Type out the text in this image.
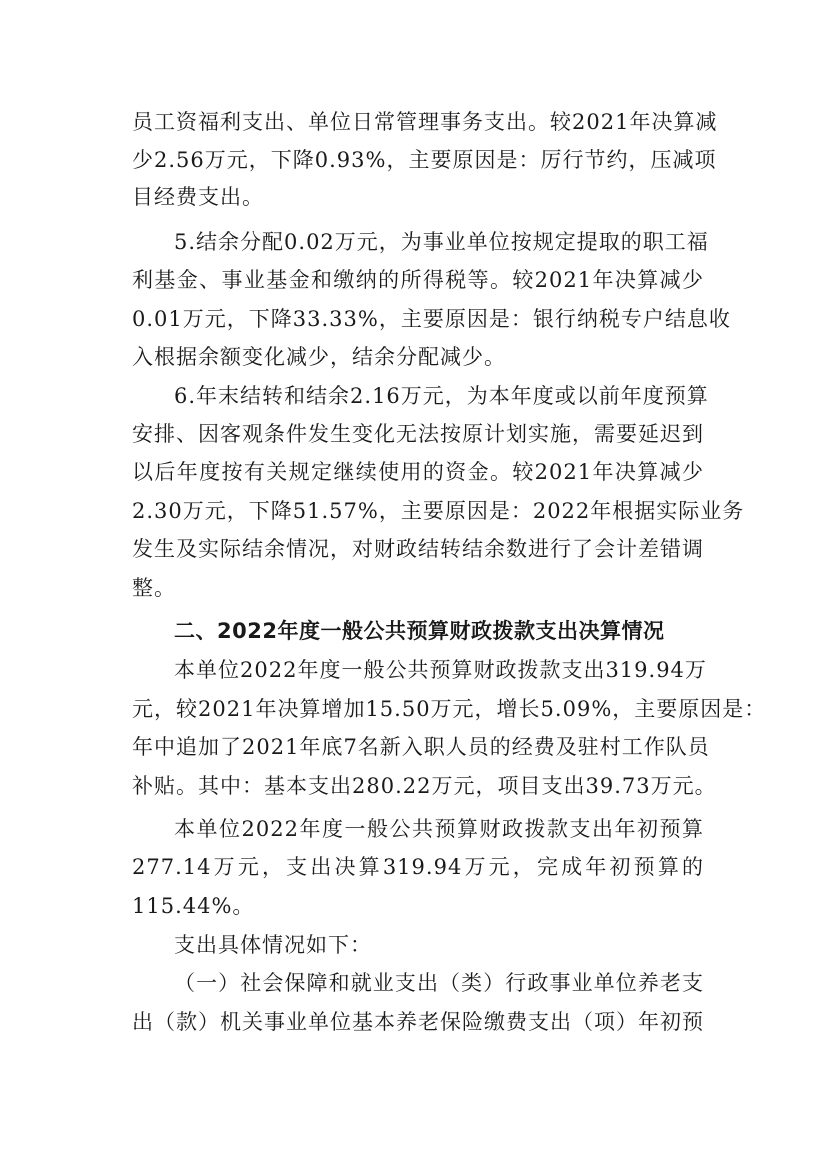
员工资福利支出、单位日常管理事务支出。较2021年决算减
少2.56万元，下降0.93%，主要原因是：厉行节约，压减项
目经费支出。
5.结余分配0.02万元，为事业单位按规定提取的职工福
利基金、事业基金和缴纳的所得税等。较2021年决算减少
0.01万元，下降33.33%，主要原因是：银行纳税专户结息收
入根据余额变化减少，结余分配减少。
6.年末结转和结余2.16万元，为本年度或以前年度预算
安排、因客观条件发生变化无法按原计划实施，需要延迟到
以后年度按有关规定继续使用的资金。较2021年决算减少
2.30万元，下降51.57%，主要原因是：2022年根据实际业务
发生及实际结余情况，对财政结转结余数进行了会计差错调
整。
二、2022年度一般公共预算财政拨款支出决算情况
本单位2022年度一般公共预算财政拨款支出319.94万
元，较2021年决算增加15.50万元，增长5.09%，主要原因是：
年中追加了2021年底7名新入职人员的经费及驻村工作队员
补贴。其中：基本支出280.22万元，项目支出39.73万元。
本单位2022年度一般公共预算财政拨款支出年初预算
277.14万元，支出决算319.94万元，完成年初预算的
115.44%。
支出具体情况如下：
（一）社会保障和就业支出（类）行政事业单位养老支
出（款）机关事业单位基本养老保险缴费支出（项）年初预
